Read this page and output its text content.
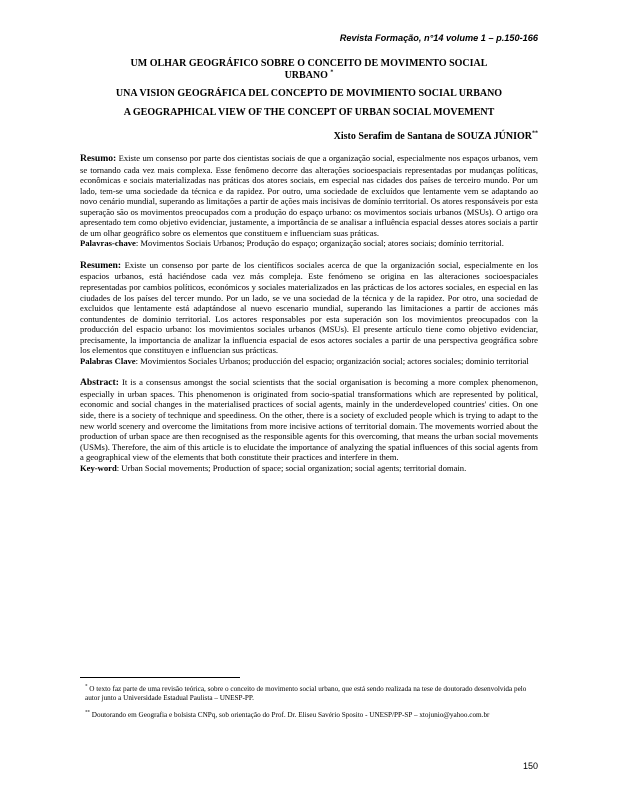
Revista Formação, n°14 volume 1 – p.150-166
UM OLHAR GEOGRÁFICO SOBRE O CONCEITO DE MOVIMENTO SOCIAL URBANO *
UNA VISION GEOGRÁFICA DEL CONCEPTO DE MOVIMIENTO SOCIAL URBANO
A GEOGRAPHICAL VIEW OF THE CONCEPT OF URBAN SOCIAL MOVEMENT
Xisto Serafim de Santana de SOUZA JÚNIOR**
Resumo: Existe um consenso por parte dos cientistas sociais de que a organização social, especialmente nos espaços urbanos, vem se tornando cada vez mais complexa. Esse fenômeno decorre das alterações socioespaciais representadas por mudanças políticas, econômicas e sociais materializadas nas práticas dos atores sociais, em especial nas cidades dos países de terceiro mundo. Por um lado, tem-se uma sociedade da técnica e da rapidez. Por outro, uma sociedade de excluídos que lentamente vem se adaptando ao novo cenário mundial, superando as limitações a partir de ações mais incisivas de domínio territorial. Os atores responsáveis por esta superação são os movimentos preocupados com a produção do espaço urbano: os movimentos sociais urbanos (MSUs). O artigo ora apresentado tem como objetivo evidenciar, justamente, a importância de se analisar a influência espacial desses atores sociais a partir de um olhar geográfico sobre os elementos que constituem e influenciam suas práticas.
Palavras-chave: Movimentos Sociais Urbanos; Produção do espaço; organização social; atores sociais; domínio territorial.
Resumen: Existe un consenso por parte de los científicos sociales acerca de que la organización social, especialmente en los espacios urbanos, está haciéndose cada vez más compleja. Este fenómeno se origina en las alteraciones socioespaciales representadas por cambios políticos, económicos y sociales materializados en las prácticas de los actores sociales, en especial en las ciudades de los países del tercer mundo. Por un lado, se ve una sociedad de la técnica y de la rapidez. Por otro, una sociedad de excluidos que lentamente está adaptándose al nuevo escenario mundial, superando las limitaciones a partir de acciones más contundentes de dominio territorial. Los actores responsables por esta superación son los movimientos preocupados con la producción del espacio urbano: los movimientos sociales urbanos (MSUs). El presente artículo tiene como objetivo evidenciar, precisamente, la importancia de analizar la influencia espacial de esos actores sociales a partir de una perspectiva geográfica sobre los elementos que constituyen e influencian sus prácticas.
Palabras Clave: Movimientos Sociales Urbanos; producción del espacio; organización social; actores sociales; dominio territorial
Abstract: It is a consensus amongst the social scientists that the social organisation is becoming a more complex phenomenon, especially in urban spaces. This phenomenon is originated from socio-spatial transformations which are represented by political, economic and social changes in the materialised practices of social agents, mainly in the underdeveloped countries' cities. On one side, there is a society of technique and speediness. On the other, there is a society of excluded people which is trying to adapt to the new world scenery and overcome the limitations from more incisive actions of territorial domain. The movements worried about the production of urban space are then recognised as the responsible agents for this overcoming, that means the urban social movements (USMs). Therefore, the aim of this article is to elucidate the importance of analyzing the spatial influences of this social agents from a geographical view of the elements that both constitute their practices and interfere in them.
Key-word: Urban Social movements; Production of space; social organization; social agents; territorial domain.
* O texto faz parte de uma revisão teórica, sobre o conceito de movimento social urbano, que está sendo realizada na tese de doutorado desenvolvida pelo autor junto a Universidade Estadual Paulista – UNESP-PP.
** Doutorando em Geografia e bolsista CNPq, sob orientação do Prof. Dr. Eliseu Savério Sposito - UNESP/PP-SP – xtojunio@yahoo.com.br
150
